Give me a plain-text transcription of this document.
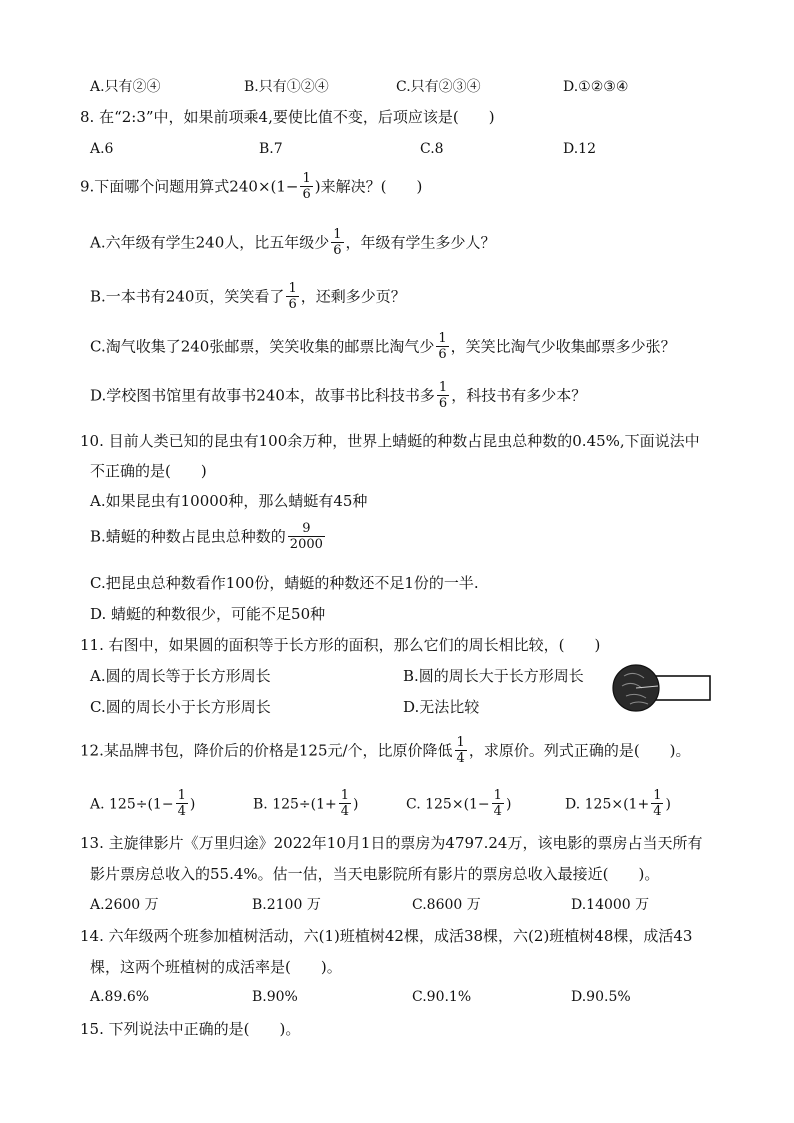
A.只有②④	B.只有①②④	C.只有②③④	D.①②③④
8. 在“2:3”中，如果前项乘4,要使比值不变，后项应该是(　　)
A.6	B.7	C.8	D.12
9.下面哪个问题用算式$240\times(1- \frac{1}{6}$ )来解决？(　　)
A.六年级有学生240人，比五年级少 $\frac{1}{6}$ ，年级有学生多少人？
B.一本书有240页，笑笑看了 $\frac{1}{6}$ ，还剩多少页？
C.淘气收集了240张邮票，笑笑收集的邮票比淘气少 $\frac{1}{6}$ ，笑笑比淘气少收集邮票多少张？
D.学校图书馆里有故事书240本，故事书比科技书多 $\frac{1}{6}$ ，科技书有多少本？
10. 目前人类已知的昆虫有100余万种，世界上蜻蜓的种数占昆虫总种数的0.45%,下面说法中
不正确的是(　　)
A.如果昆虫有10000种，那么蜻蜓有45种
B.蜻蜓的种数占昆虫总种数的 $\frac{9}{2000}$
C.把昆虫总种数看作100份，蜻蜓的种数还不足1份的一半.
D. 蜻蜓的种数很少，可能不足50种
11. 右图中，如果圆的面积等于长方形的面积，那么它们的周长相比较，(　　)
A.圆的周长等于长方形周长	B.圆的周长大于长方形周长
C.圆的周长小于长方形周长	D.无法比较
12.某品牌书包，降价后的价格是125元/个，比原价降低 $\frac{1}{4}$ ，求原价。列式正确的是(　　)。
A. $125\div(1- \frac{1}{4}$ )	B. $125\div(1+ \frac{1}{4}$ )	C. $125\times(1- \frac{1}{4}$ )	D. $125\times(1+ \frac{1}{4}$ )
13. 主旋律影片《万里归途》2022年10月1日的票房为4797.24万，该电影的票房占当天所有
影片票房总收入的55.4%。估一估，当天电影院所有影片的票房总收入最接近(　　)。
A.2600 万	B.2100 万	C.8600 万	D.14000 万
14. 六年级两个班参加植树活动，六(1)班植树42棵，成活38棵，六(2)班植树48棵，成活43
棵，这两个班植树的成活率是(　　)。
A.89.6%	B.90%	C.90.1%	D.90.5%
15. 下列说法中正确的是(　　)。
